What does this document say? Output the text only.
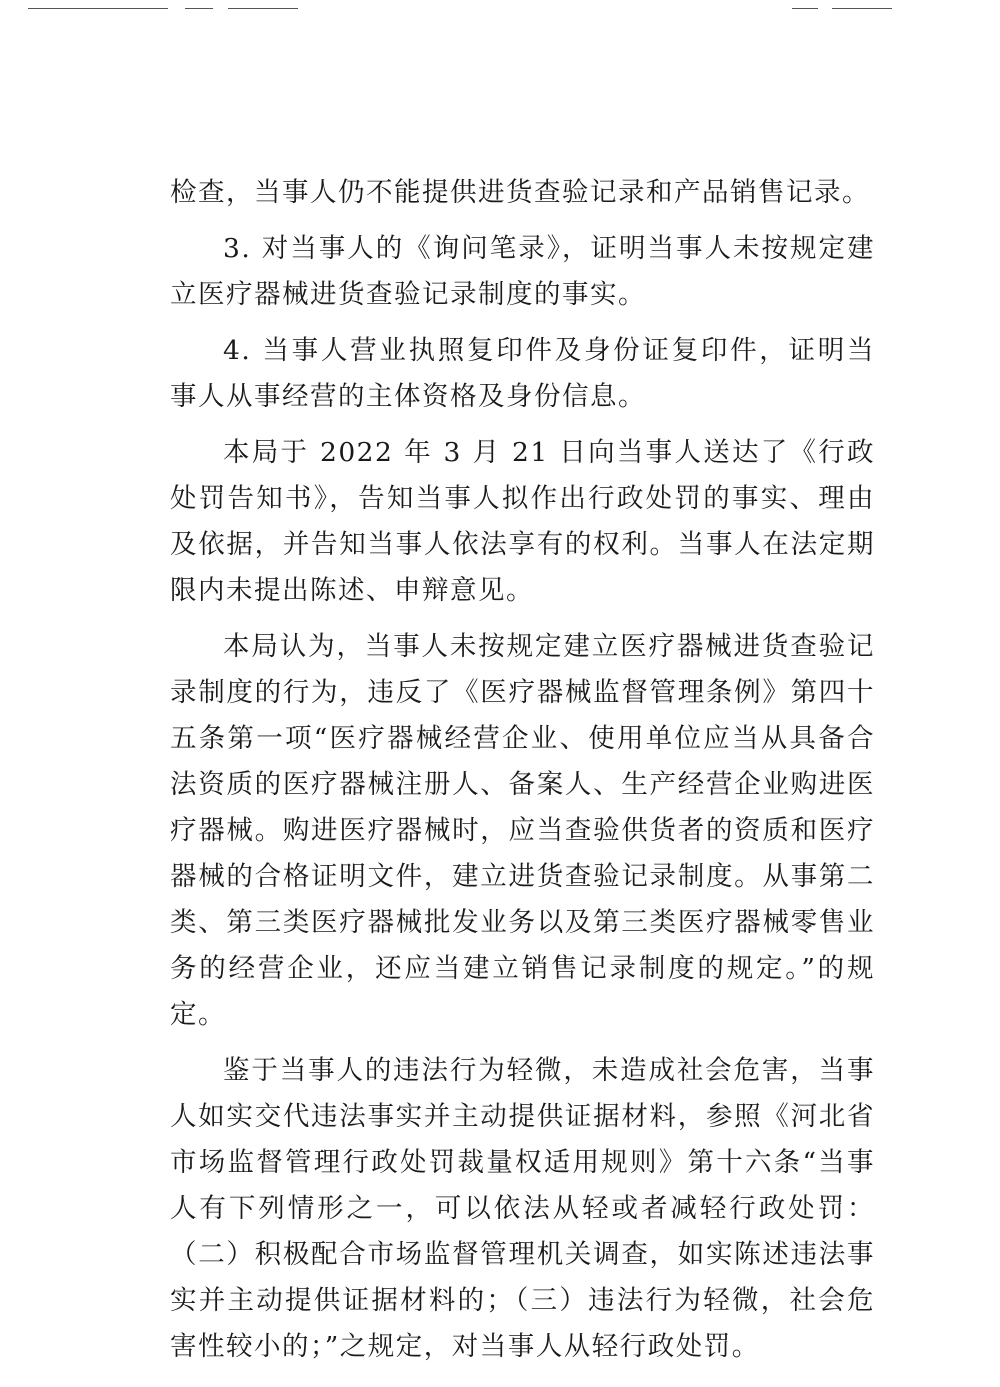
检查，当事人仍不能提供进货查验记录和产品销售记录。

3. 对当事人的《询问笔录》，证明当事人未按规定建立医疗器械进货查验记录制度的事实。

4. 当事人营业执照复印件及身份证复印件，证明当事人从事经营的主体资格及身份信息。

本局于 2022 年 3 月 21 日向当事人送达了《行政处罚告知书》，告知当事人拟作出行政处罚的事实、理由及依据，并告知当事人依法享有的权利。当事人在法定期限内未提出陈述、申辩意见。

本局认为，当事人未按规定建立医疗器械进货查验记录制度的行为，违反了《医疗器械监督管理条例》第四十五条第一项“医疗器械经营企业、使用单位应当从具备合法资质的医疗器械注册人、备案人、生产经营企业购进医疗器械。购进医疗器械时，应当查验供货者的资质和医疗器械的合格证明文件，建立进货查验记录制度。从事第二类、第三类医疗器械批发业务以及第三类医疗器械零售业务的经营企业，还应当建立销售记录制度的规定。”的规定。

鉴于当事人的违法行为轻微，未造成社会危害，当事人如实交代违法事实并主动提供证据材料，参照《河北省市场监督管理行政处罚裁量权适用规则》第十六条“当事人有下列情形之一，可以依法从轻或者减轻行政处罚：（二）积极配合市场监督管理机关调查，如实陈述违法事实并主动提供证据材料的；（三）违法行为轻微，社会危害性较小的；”之规定，对当事人从轻行政处罚。
